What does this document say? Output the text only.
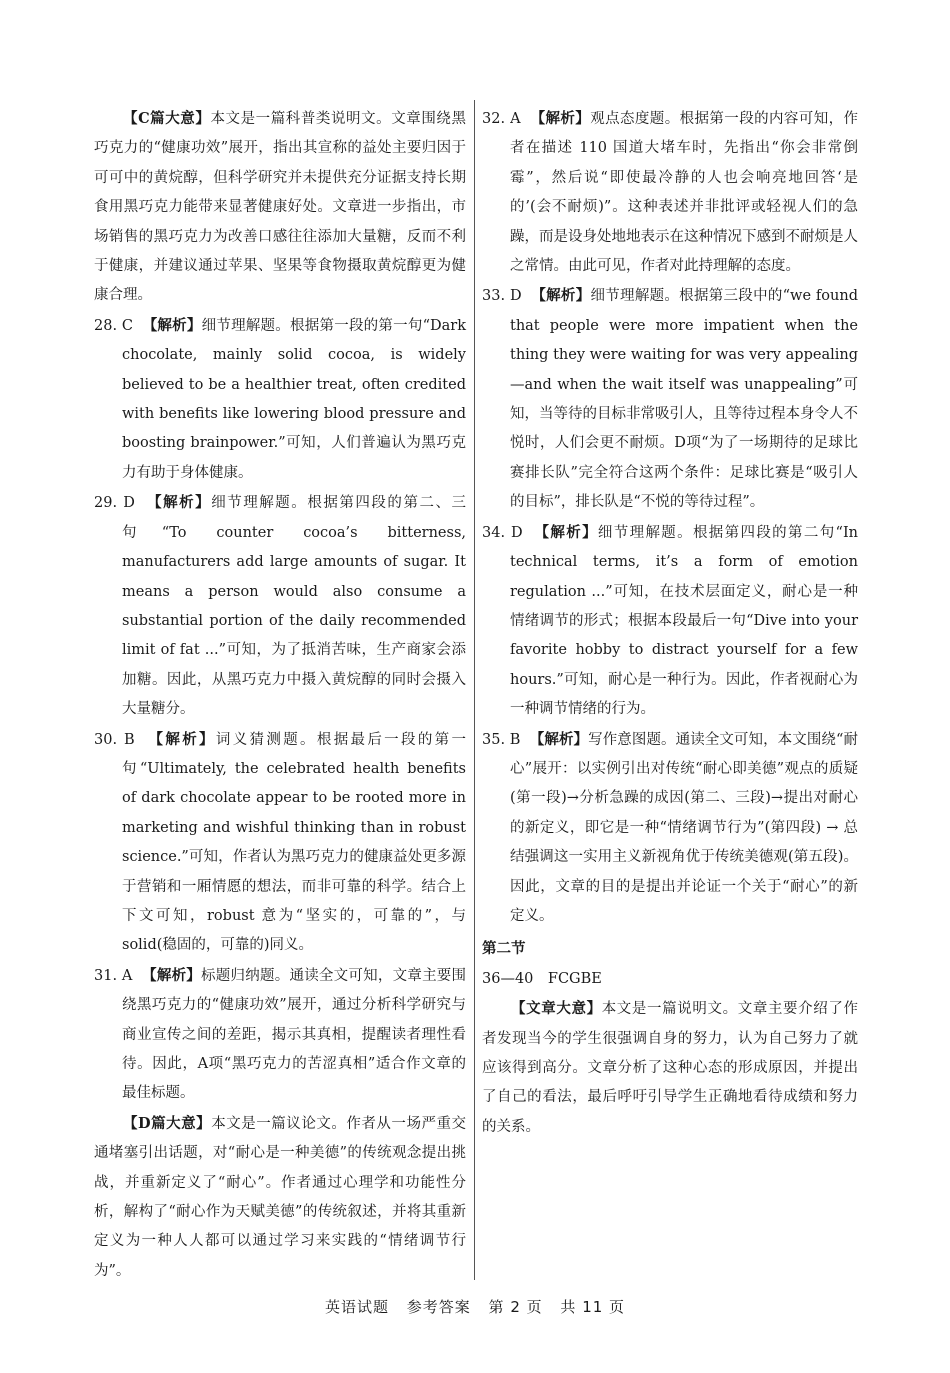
【C篇大意】本文是一篇科普类说明文。文章围绕黑巧克力的“健康功效”展开，指出其宣称的益处主要归因于可可中的黄烷醇，但科学研究并未提供充分证据支持长期食用黑巧克力能带来显著健康好处。文章进一步指出，市场销售的黑巧克力为改善口感往往添加大量糖，反而不利于健康，并建议通过苹果、坚果等食物摄取黄烷醇更为健康合理。

28. C 【解析】细节理解题。根据第一段的第一句“Dark chocolate, mainly solid cocoa, is widely believed to be a healthier treat, often credited with benefits like lowering blood pressure and boosting brainpower.”可知，人们普遍认为黑巧克力有助于身体健康。

29. D 【解析】细节理解题。根据第四段的第二、三句“To counter cocoa’s bitterness, manufacturers add large amounts of sugar. It means a person would also consume a substantial portion of the daily recommended limit of fat ...”可知，为了抵消苦味，生产商家会添加糖。因此，从黑巧克力中摄入黄烷醇的同时会摄入大量糖分。

30. B 【解析】词义猜测题。根据最后一段的第一句“Ultimately, the celebrated health benefits of dark chocolate appear to be rooted more in marketing and wishful thinking than in robust science.”可知，作者认为黑巧克力的健康益处更多源于营销和一厢情愿的想法，而非可靠的科学。结合上下文可知，robust 意为“坚实的，可靠的”，与 solid(稳固的，可靠的)同义。

31. A 【解析】标题归纳题。通读全文可知，文章主要围绕黑巧克力的“健康功效”展开，通过分析科学研究与商业宣传之间的差距，揭示其真相，提醒读者理性看待。因此，A项“黑巧克力的苦涩真相”适合作文章的最佳标题。

【D篇大意】本文是一篇议论文。作者从一场严重交通堵塞引出话题，对“耐心是一种美德”的传统观念提出挑战，并重新定义了“耐心”。作者通过心理学和功能性分析，解构了“耐心作为天赋美德”的传统叙述，并将其重新定义为一种人人都可以通过学习来实践的“情绪调节行为”。

32. A 【解析】观点态度题。根据第一段的内容可知，作者在描述 110 国道大堵车时，先指出“你会非常倒霉”，然后说“即使最冷静的人也会响亮地回答‘是的’(会不耐烦)”。这种表述并非批评或轻视人们的急躁，而是设身处地地表示在这种情况下感到不耐烦是人之常情。由此可见，作者对此持理解的态度。

33. D 【解析】细节理解题。根据第三段中的“we found that people were more impatient when the thing they were waiting for was very appealing—and when the wait itself was unappealing”可知，当等待的目标非常吸引人，且等待过程本身令人不悦时，人们会更不耐烦。D项“为了一场期待的足球比赛排长队”完全符合这两个条件：足球比赛是“吸引人的目标”，排长队是“不悦的等待过程”。

34. D 【解析】细节理解题。根据第四段的第二句“In technical terms, it’s a form of emotion regulation ...”可知，在技术层面定义，耐心是一种情绪调节的形式；根据本段最后一句“Dive into your favorite hobby to distract yourself for a few hours.”可知，耐心是一种行为。因此，作者视耐心为一种调节情绪的行为。

35. B 【解析】写作意图题。通读全文可知，本文围绕“耐心”展开：以实例引出对传统“耐心即美德”观点的质疑(第一段)→分析急躁的成因(第二、三段)→提出对耐心的新定义，即它是一种“情绪调节行为”(第四段) → 总结强调这一实用主义新视角优于传统美德观(第五段)。因此，文章的目的是提出并论证一个关于“耐心”的新定义。

第二节

36—40　FCGBE

【文章大意】本文是一篇说明文。文章主要介绍了作者发现当今的学生很强调自身的努力，认为自己努力了就应该得到高分。文章分析了这种心态的形成原因，并提出了自己的看法，最后呼吁引导学生正确地看待成绩和努力的关系。

英语试题 参考答案 第 2 页 共 11 页
